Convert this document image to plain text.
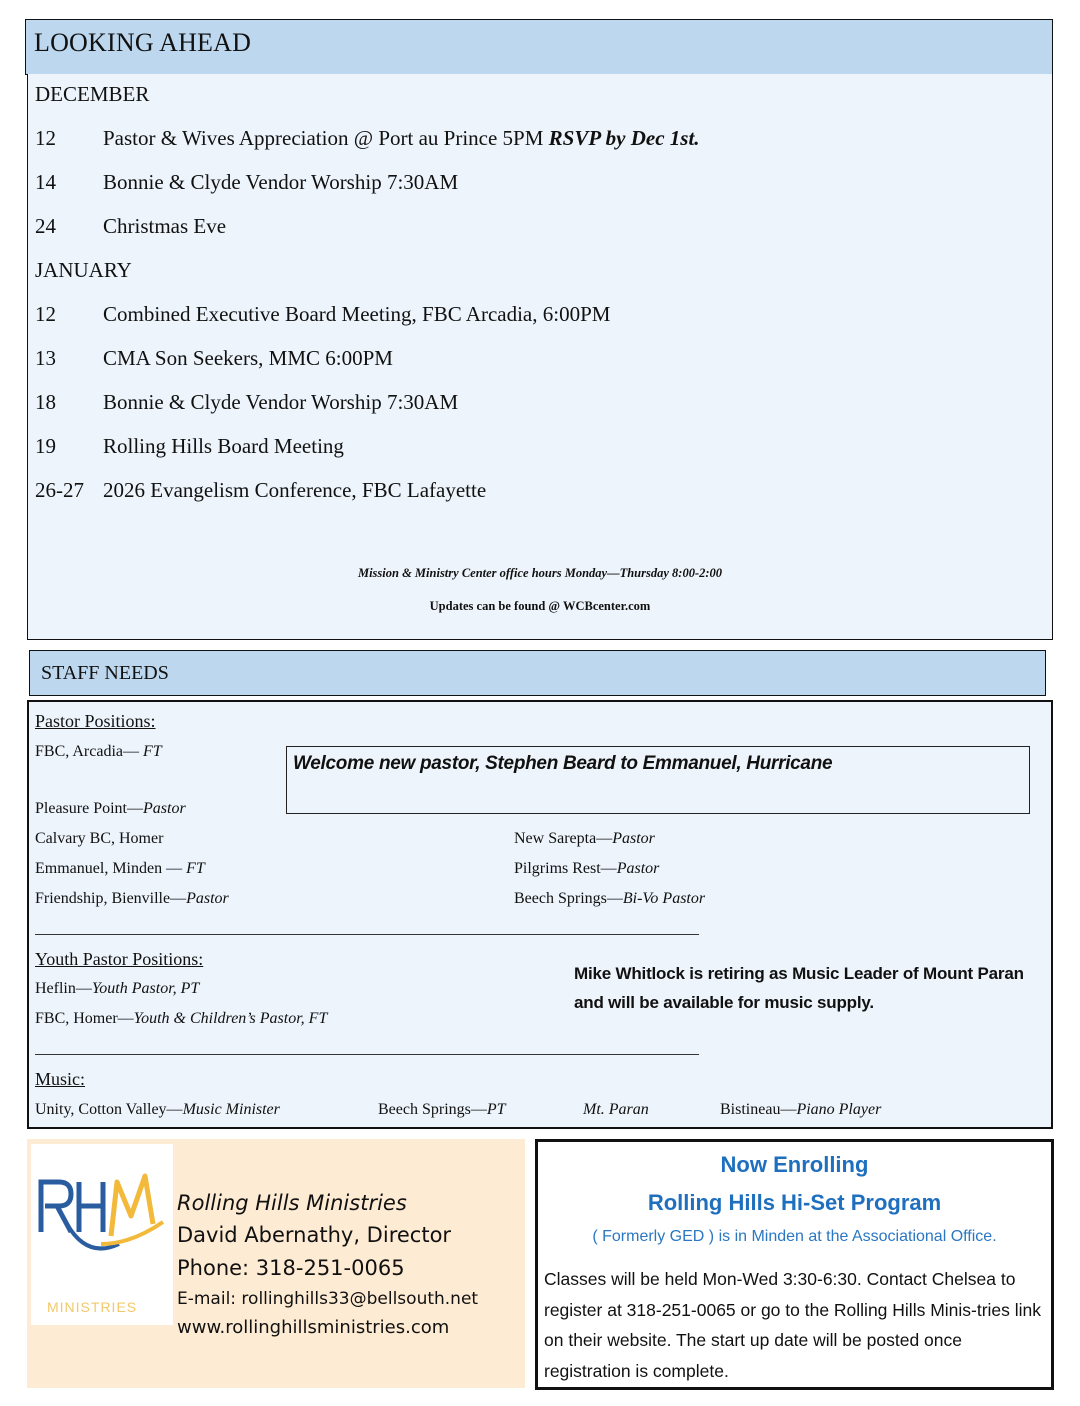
LOOKING AHEAD
DECEMBER
12 Pastor & Wives Appreciation @ Port au Prince 5PM RSVP by Dec 1st.
14 Bonnie & Clyde Vendor Worship 7:30AM
24 Christmas Eve
JANUARY
12 Combined Executive Board Meeting, FBC Arcadia, 6:00PM
13 CMA Son Seekers, MMC 6:00PM
18 Bonnie & Clyde Vendor Worship 7:30AM
19 Rolling Hills Board Meeting
26-27 2026 Evangelism Conference, FBC Lafayette
Mission & Ministry Center office hours Monday—Thursday 8:00-2:00
Updates can be found @ WCBcenter.com
STAFF NEEDS
Pastor Positions:
FBC, Arcadia— FT
Welcome new pastor, Stephen Beard to Emmanuel, Hurricane
Pleasure Point—Pastor
Calvary BC, Homer
Emmanuel, Minden — FT
Friendship, Bienville—Pastor
New Sarepta—Pastor
Pilgrims Rest—Pastor
Beech Springs—Bi-Vo Pastor
Youth Pastor Positions:
Heflin—Youth Pastor, PT
FBC, Homer—Youth & Children’s Pastor, FT
Mike Whitlock is retiring as Music Leader of Mount Paran and will be available for music supply.
Music:
Unity, Cotton Valley—Music Minister	Beech Springs—PT	Mt. Paran	Bistineau—Piano Player
MINISTRIES
Rolling Hills Ministries
David Abernathy, Director
Phone: 318-251-0065
E-mail: rollinghills33@bellsouth.net
www.rollinghillsministries.com
Now Enrolling
Rolling Hills Hi-Set Program
( Formerly GED ) is in Minden at the Associational Office.
Classes will be held Mon-Wed 3:30-6:30. Contact Chelsea to register at 318-251-0065 or go to the Rolling Hills Minis-tries link on their website. The start up date will be posted once registration is complete.
